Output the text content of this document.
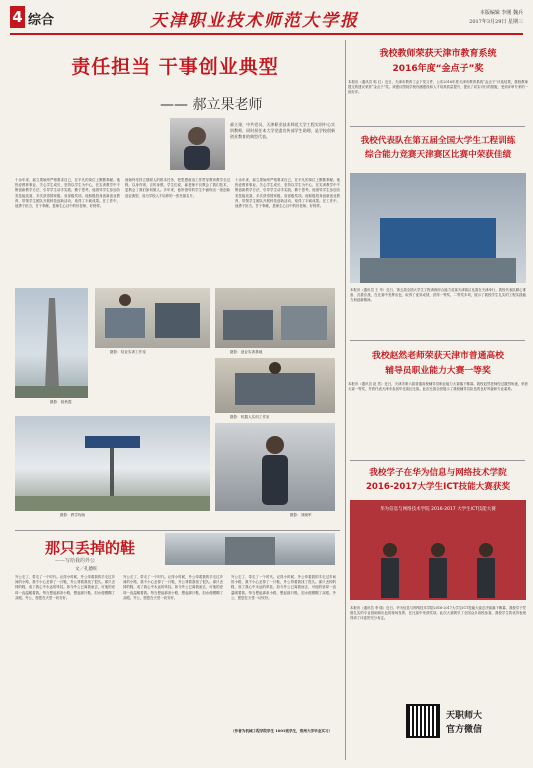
4 综合	天津职业技术师范大学报	本版编辑 李刚 魏兵
2017年3月29日 星期三
责任担当 干事创业典型
—— 郝立果老师
郝立果，中共党员，天津职业技术师范大学工程实训中心实训教师，同时担任本大学党委宣传部学生助理，是学校创新创业教育的典型代表。
十余年来，郝立果始终严格要求自己，在平凡的岗位上默默奉献。他热爱教育事业，关心学生成长，坚持以学生为中心，在实训教学中不断创新教学方法，引导学生动手实践、勤于思考。他指导学生参加各类技能竞赛，多次获得国家级、省部级奖项。他积极投身创新创业教育，带领学生团队开展科技创新活动，取得了丰硕成果。在工作中，他勇于担当，甘于奉献，是师生心目中的好老师、好榜样。
他始终坚持立德树人的根本任务，把思想政治工作贯穿教育教学全过程，以身作则，言传身教。学生们说，郝老师不仅教会了我们技术，更教会了我们如何做人。多年来，他所指导的学生中涌现出一批创新创业典型，成为学校人才培养的一张亮丽名片。
十余年来，郝立果始终严格要求自己，在平凡的岗位上默默奉献。他热爱教育事业，关心学生成长，坚持以学生为中心，在实训教学中不断创新教学方法，引导学生动手实践、勤于思考。他指导学生参加各类技能竞赛，多次获得国家级、省部级奖项。他积极投身创新创业教育，带领学生团队开展科技创新活动，取得了丰硕成果。在工作中，他勇于担当，甘于奉献，是师生心目中的好老师、好榜样。
摄影：段秋霞
摄影：结业实训工作室	摄影：创业实训基地
摄影：机器人实训工作室
摄影：教学现场	摄影：刘晓军
我校教师荣获天津市教育系统
2016年度“金点子”奖
本报讯（通讯员 郭 红）近日，天津市教育工会下发文件，公布2016年度天津市教育系统“金点子”评选结果，我校教师提交的建议荣获“金点子”奖。该建议围绕学校内涵建设和人才培养质量提升，提出了切实可行的措施，受到评审专家的一致好评。
我校代表队在第五届全国大学生工程训练
综合能力竞赛天津赛区比赛中荣获佳绩
本报讯（通讯员 王 华）近日，第五届全国大学生工程训练综合能力竞赛天津赛区比赛在天津举行。我校代表队精心准备、沉着应战，在比赛中发挥出色，取得了优异成绩，获得一等奖、二等奖多项，展示了我校学生扎实的工程实践能力和创新精神。
我校赵然老师荣获天津市普通高校
辅导员职业能力大赛一等奖
本报讯（通讯员 赵 然）近日，天津市第六届普通高校辅导员职业能力大赛落下帷幕。我校赵然老师经过激烈角逐，荣获大赛一等奖，并将代表天津市参加华北赛区比赛。此次比赛全面展示了我校辅导员队伍的良好风貌和专业素养。
我校学子在华为信息与网络技术学院
2016-2017大学生ICT技能大赛获奖
华为信息与网络技术学院 2016-2017 大学生ICT技能大赛
本报讯（通讯员 李 瑞）近日，华为信息与网络技术学院2016-2017大学生ICT技能大赛总决赛落下帷幕。我校学子凭借扎实的专业基础和出色的现场发挥，在比赛中荣获奖项。此次大赛吸引了全国众多高校参赛，我校学生的优异表现得到了评委的充分肯定。
天职师大
官方微信
那只丢掉的鞋
——写给我的外公
文／孔德旺
外公走了，带走了一个时代。记得小时候，外公牵着我的手走过乡间的小路，我不小心丢掉了一只鞋，外公背着我找了很久。那只丢掉的鞋，成了我心中永远的牵挂。如今外公已离我而去，可他的爱却一直温暖着我。每当想起那条小路，想起那只鞋，泪水便模糊了双眼。外公，愿您在天堂一切安好。
外公走了，带走了一个时代。记得小时候，外公牵着我的手走过乡间的小路，我不小心丢掉了一只鞋，外公背着我找了很久。那只丢掉的鞋，成了我心中永远的牵挂。如今外公已离我而去，可他的爱却一直温暖着我。每当想起那条小路，想起那只鞋，泪水便模糊了双眼。外公，愿您在天堂一切安好。
外公走了，带走了一个时代。记得小时候，外公牵着我的手走过乡间的小路，我不小心丢掉了一只鞋，外公背着我找了很久。那只丢掉的鞋，成了我心中永远的牵挂。如今外公已离我而去，可他的爱却一直温暖着我。每当想起那条小路，想起那只鞋，泪水便模糊了双眼。外公，愿您在天堂一切安好。
（作者为机械工程学院学生 1601班学生，郑州大学毕业实习）
